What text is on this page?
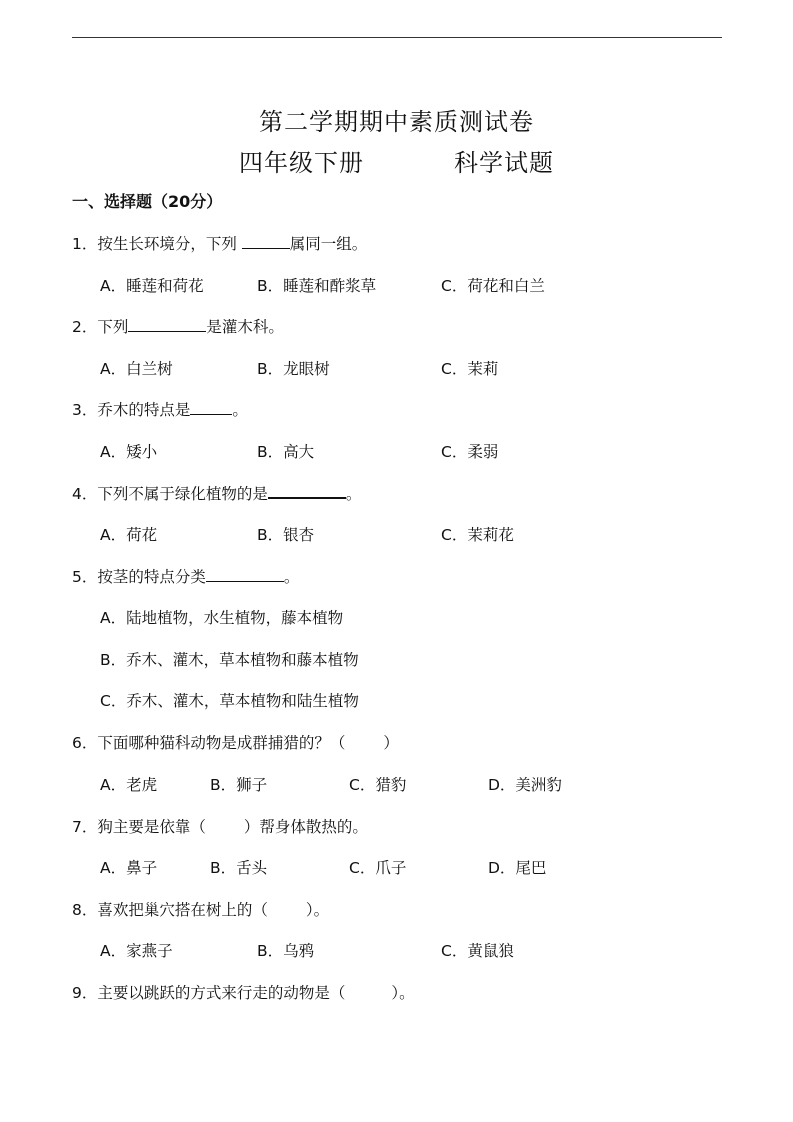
第二学期期中素质测试卷
四年级下册	科学试题
一、选择题（20分）
1．按生长环境分，下列	属同一组。
A．睡莲和荷花	B．睡莲和酢浆草	C．荷花和白兰
2．下列	是灌木科。
A．白兰树	B．龙眼树	C．茉莉
3．乔木的特点是	。
A．矮小	B．高大	C．柔弱
4．下列不属于绿化植物的是	。
A．荷花	B．银杏	C．茉莉花
5．按茎的特点分类	。
A．陆地植物，水生植物，藤本植物
B．乔木、灌木，草本植物和藤本植物
C．乔木、灌木，草本植物和陆生植物
6．下面哪种猫科动物是成群捕猎的？（ ）
A．老虎	B．狮子	C．猎豹	D．美洲豹
7．狗主要是依靠（ ）帮身体散热的。
A．鼻子	B．舌头	C．爪子	D．尾巴
8．喜欢把巢穴搭在树上的（ ）。
A．家燕子	B．乌鸦	C．黄鼠狼
9．主要以跳跃的方式来行走的动物是（	）。
